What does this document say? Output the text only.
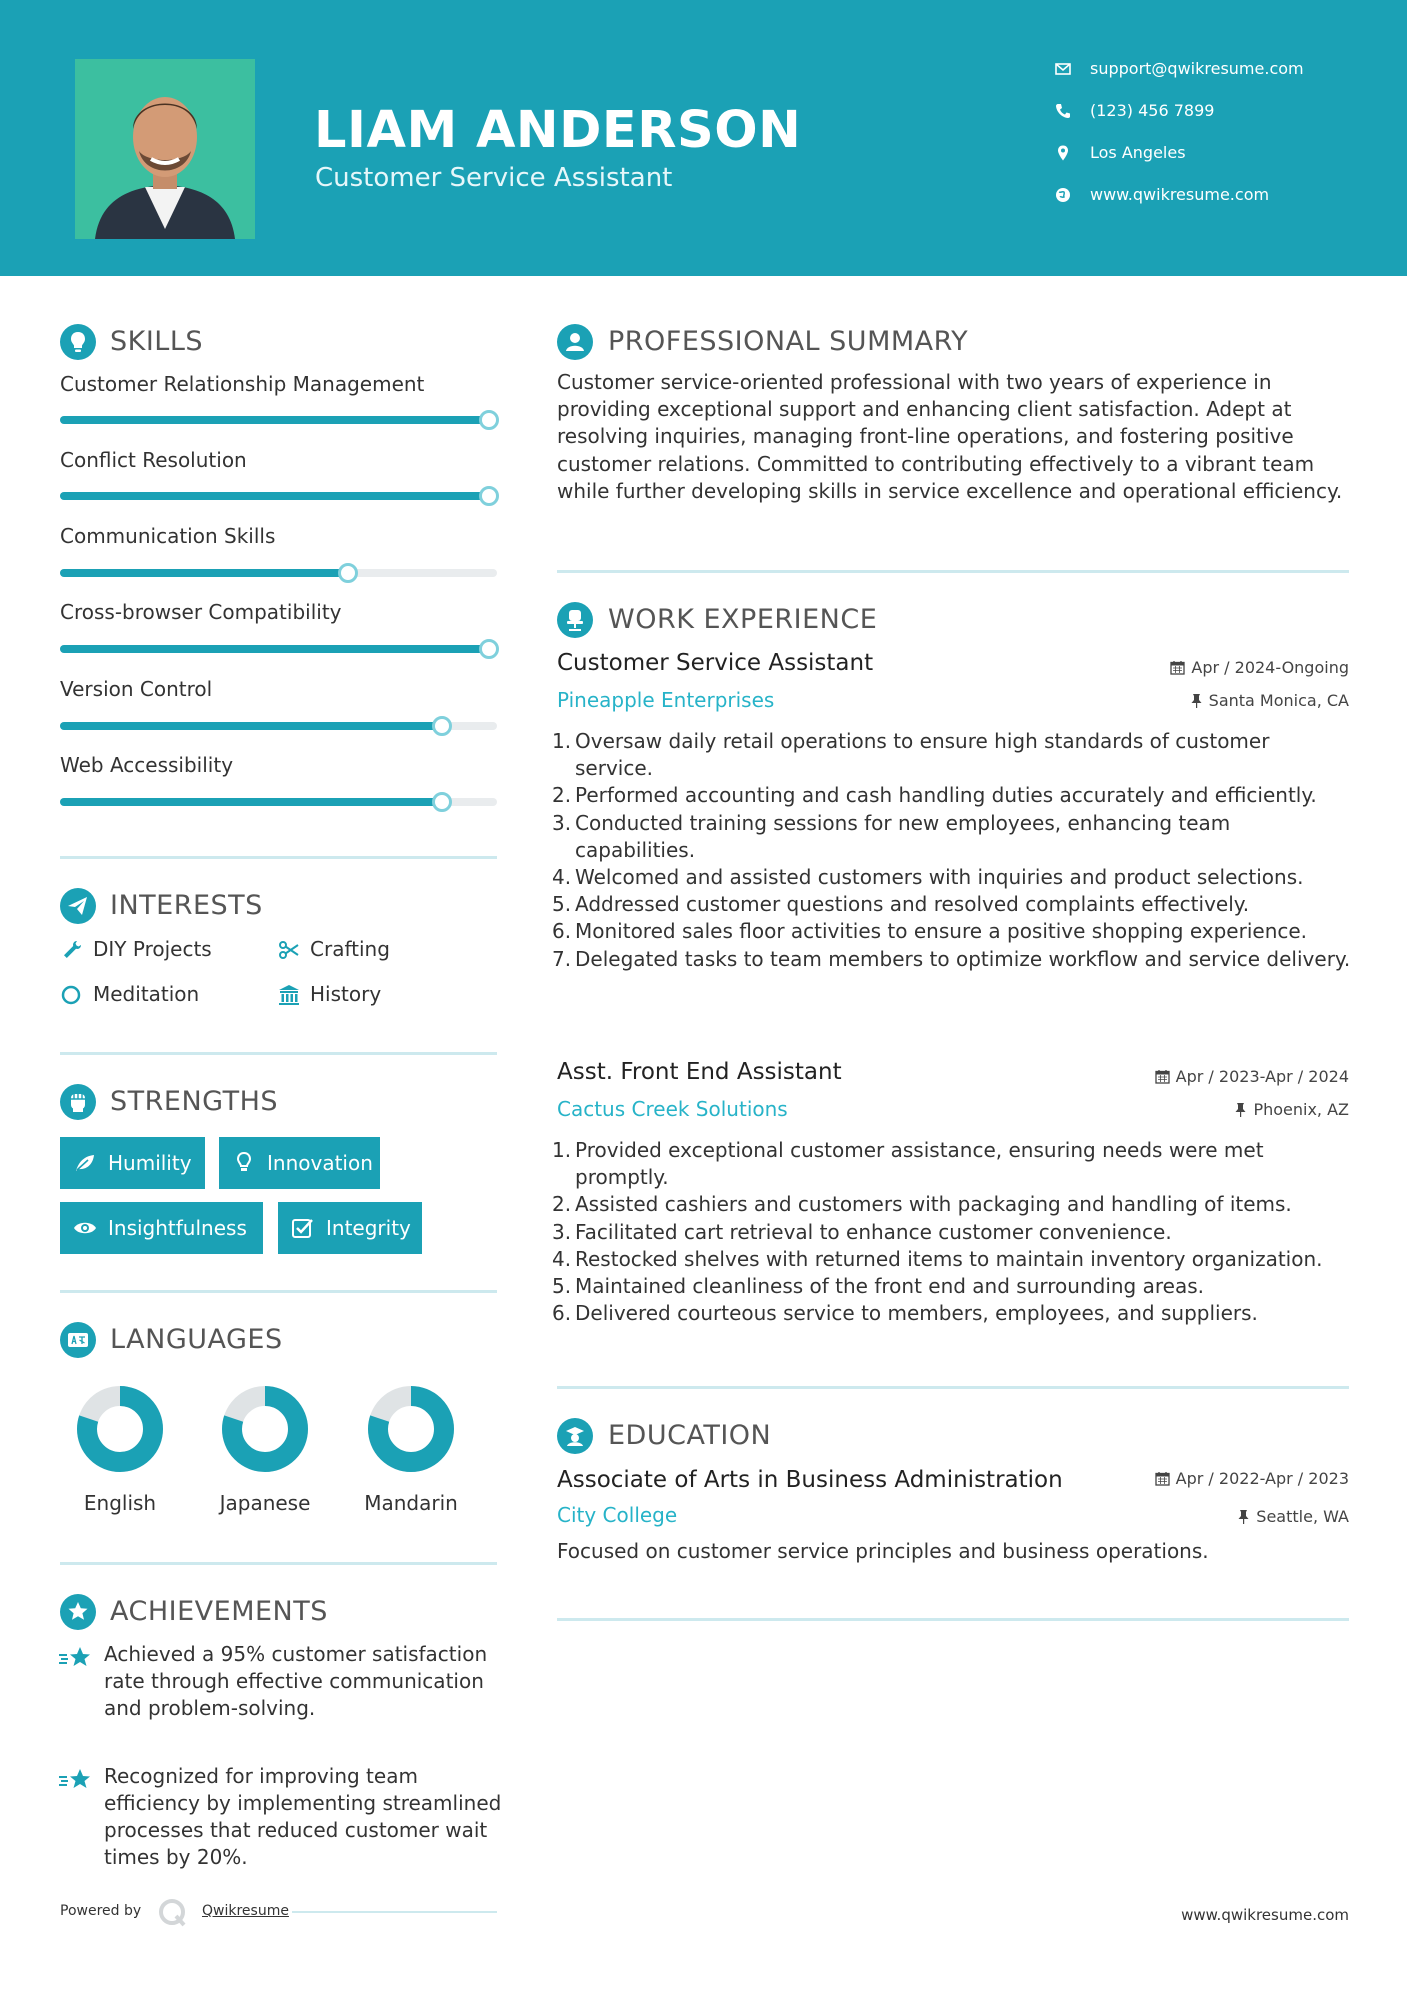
LIAM ANDERSON
Customer Service Assistant
support@qwikresume.com
(123) 456 7899
Los Angeles
www.qwikresume.com
SKILLS
Customer Relationship Management
Conflict Resolution
Communication Skills
Cross-browser Compatibility
Version Control
Web Accessibility
INTERESTS
DIY Projects	Crafting
Meditation	History
STRENGTHS
Humility	Innovation
Insightfulness	Integrity
LANGUAGES
English	Japanese	Mandarin
ACHIEVEMENTS
Achieved a 95% customer satisfaction rate through effective communication and problem-solving.
Recognized for improving team efficiency by implementing streamlined processes that reduced customer wait times by 20%.
PROFESSIONAL SUMMARY
Customer service-oriented professional with two years of experience in providing exceptional support and enhancing client satisfaction. Adept at resolving inquiries, managing front-line operations, and fostering positive customer relations. Committed to contributing effectively to a vibrant team while further developing skills in service excellence and operational efficiency.
WORK EXPERIENCE
Customer Service Assistant	Apr / 2024-Ongoing
Pineapple Enterprises	Santa Monica, CA
1. Oversaw daily retail operations to ensure high standards of customer service.
2. Performed accounting and cash handling duties accurately and efficiently.
3. Conducted training sessions for new employees, enhancing team capabilities.
4. Welcomed and assisted customers with inquiries and product selections.
5. Addressed customer questions and resolved complaints effectively.
6. Monitored sales floor activities to ensure a positive shopping experience.
7. Delegated tasks to team members to optimize workflow and service delivery.
Asst. Front End Assistant	Apr / 2023-Apr / 2024
Cactus Creek Solutions	Phoenix, AZ
1. Provided exceptional customer assistance, ensuring needs were met promptly.
2. Assisted cashiers and customers with packaging and handling of items.
3. Facilitated cart retrieval to enhance customer convenience.
4. Restocked shelves with returned items to maintain inventory organization.
5. Maintained cleanliness of the front end and surrounding areas.
6. Delivered courteous service to members, employees, and suppliers.
EDUCATION
Associate of Arts in Business Administration	Apr / 2022-Apr / 2023
City College	Seattle, WA
Focused on customer service principles and business operations.
Powered by	Qwikresume	www.qwikresume.com
